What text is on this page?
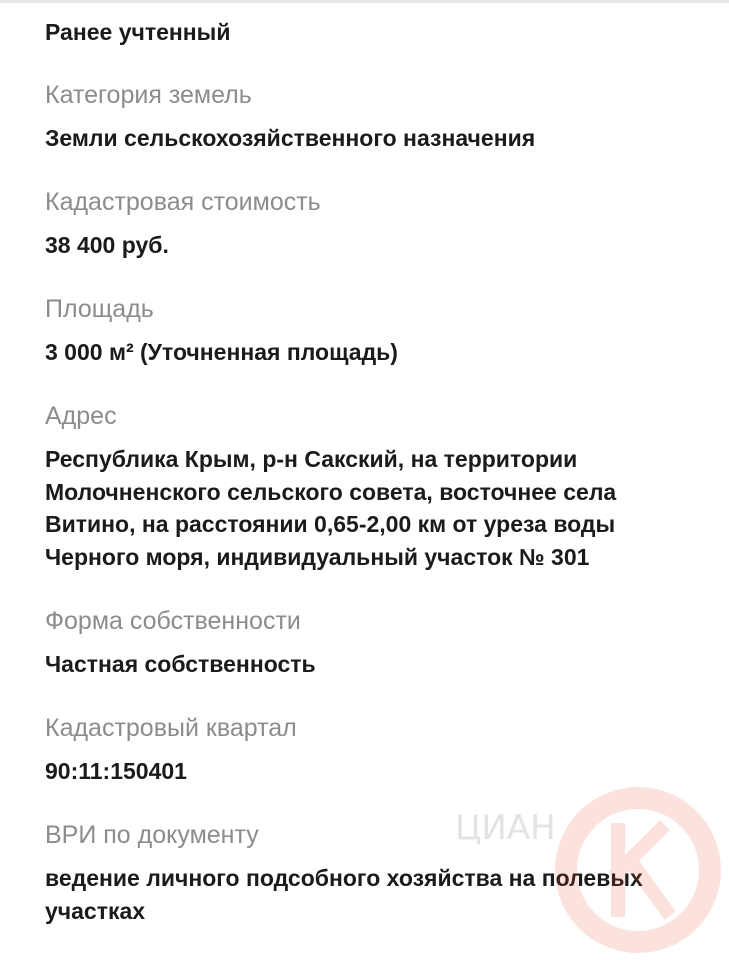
Ранее учтенный
Категория земель
Земли сельскохозяйственного назначения
Кадастровая стоимость
38 400 руб.
Площадь
3 000 м² (Уточненная площадь)
Адрес
Республика Крым, р-н Сакский, на территории Молочненского сельского совета, восточнее села Витино, на расстоянии 0,65-2,00 км от уреза воды Черного моря, индивидуальный участок № 301
Форма собственности
Частная собственность
Кадастровый квартал
90:11:150401
ВРИ по документу
ведение личного подсобного хозяйства на полевых участках
ЦИАН
